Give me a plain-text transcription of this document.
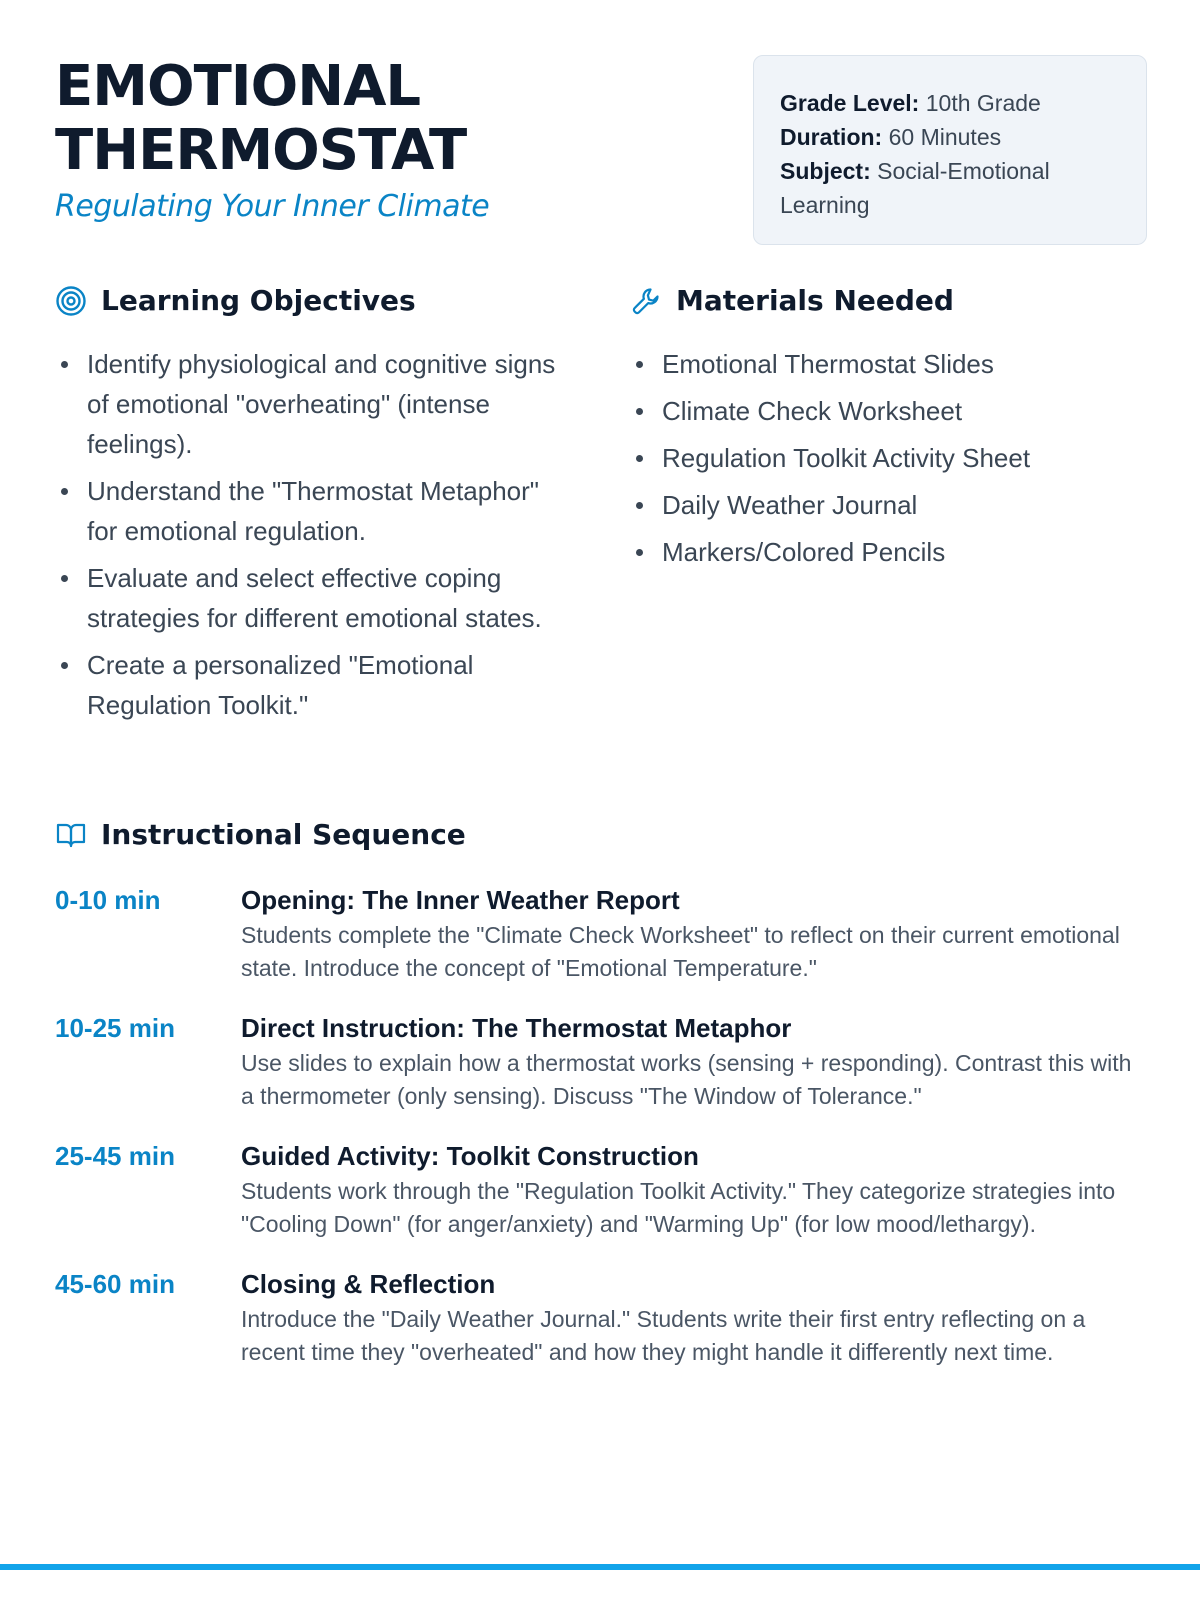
EMOTIONAL
THERMOSTAT
Regulating Your Inner Climate
Grade Level: 10th Grade
Duration: 60 Minutes
Subject: Social-Emotional Learning
Learning Objectives
Identify physiological and cognitive signs of emotional "overheating" (intense feelings).
Understand the "Thermostat Metaphor" for emotional regulation.
Evaluate and select effective coping strategies for different emotional states.
Create a personalized "Emotional Regulation Toolkit."
Materials Needed
Emotional Thermostat Slides
Climate Check Worksheet
Regulation Toolkit Activity Sheet
Daily Weather Journal
Markers/Colored Pencils
Instructional Sequence
0-10 min	Opening: The Inner Weather Report
Students complete the "Climate Check Worksheet" to reflect on their current emotional state. Introduce the concept of "Emotional Temperature."
10-25 min	Direct Instruction: The Thermostat Metaphor
Use slides to explain how a thermostat works (sensing + responding). Contrast this with a thermometer (only sensing). Discuss "The Window of Tolerance."
25-45 min	Guided Activity: Toolkit Construction
Students work through the "Regulation Toolkit Activity." They categorize strategies into "Cooling Down" (for anger/anxiety) and "Warming Up" (for low mood/lethargy).
45-60 min	Closing & Reflection
Introduce the "Daily Weather Journal." Students write their first entry reflecting on a recent time they "overheated" and how they might handle it differently next time.
